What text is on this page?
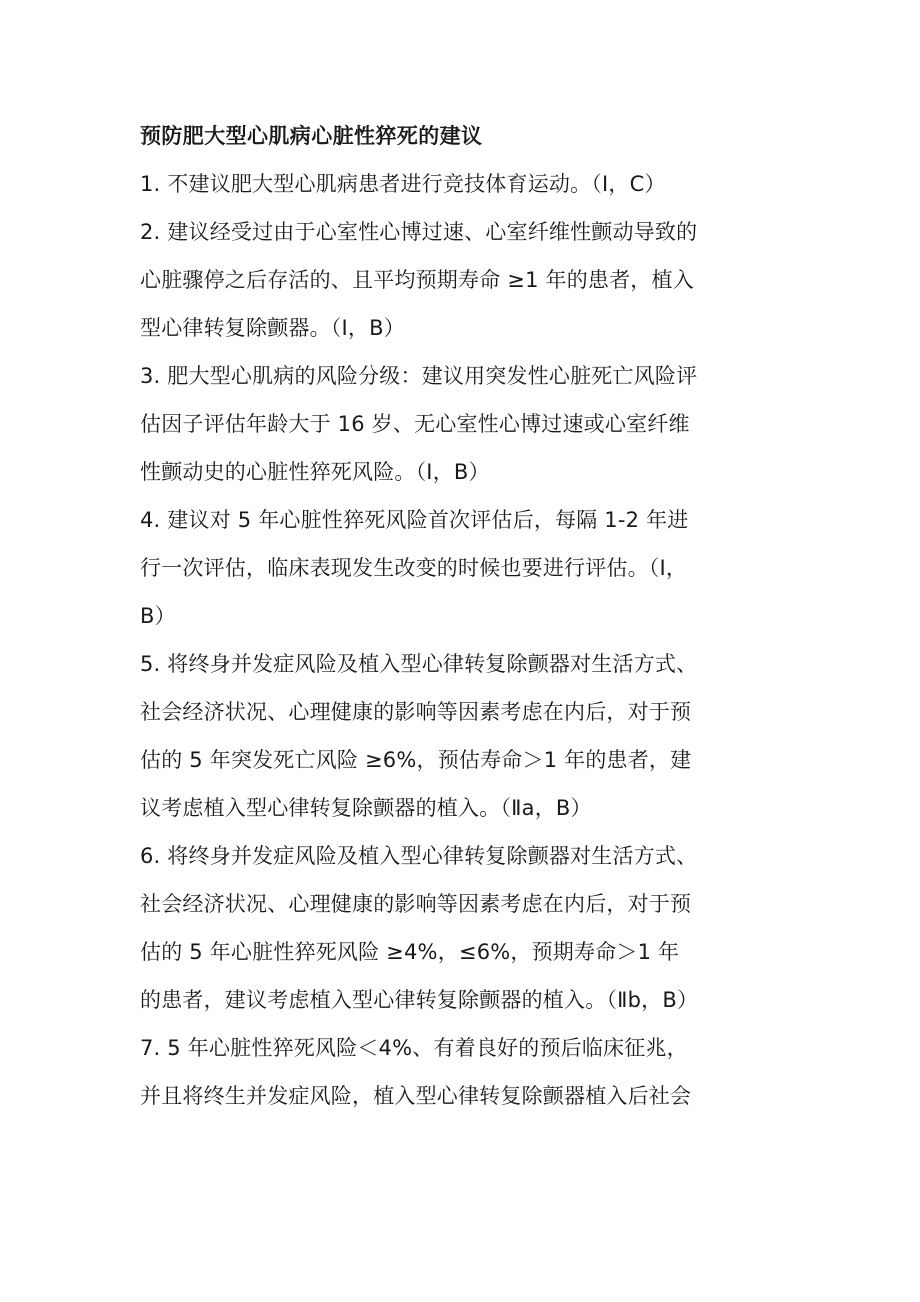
预防肥大型心肌病心脏性猝死的建议
1. 不建议肥大型心肌病患者进行竞技体育运动。（Ⅰ，C）
2. 建议经受过由于心室性心博过速、心室纤维性颤动导致的
心脏骤停之后存活的、且平均预期寿命 ≥1 年的患者，植入
型心律转复除颤器。（Ⅰ，B）
3. 肥大型心肌病的风险分级：建议用突发性心脏死亡风险评
估因子评估年龄大于 16 岁、无心室性心博过速或心室纤维
性颤动史的心脏性猝死风险。（Ⅰ，B）
4. 建议对 5 年心脏性猝死风险首次评估后，每隔 1-2 年进
行一次评估，临床表现发生改变的时候也要进行评估。（Ⅰ，
B）
5. 将终身并发症风险及植入型心律转复除颤器对生活方式、
社会经济状况、心理健康的影响等因素考虑在内后，对于预
估的 5 年突发死亡风险 ≥6%，预估寿命＞1 年的患者，建
议考虑植入型心律转复除颤器的植入。（Ⅱa，B）
6. 将终身并发症风险及植入型心律转复除颤器对生活方式、
社会经济状况、心理健康的影响等因素考虑在内后，对于预
估的 5 年心脏性猝死风险 ≥4%，≤6%，预期寿命＞1 年
的患者，建议考虑植入型心律转复除颤器的植入。（Ⅱb，B）
7. 5 年心脏性猝死风险＜4%、有着良好的预后临床征兆，
并且将终生并发症风险，植入型心律转复除颤器植入后社会
